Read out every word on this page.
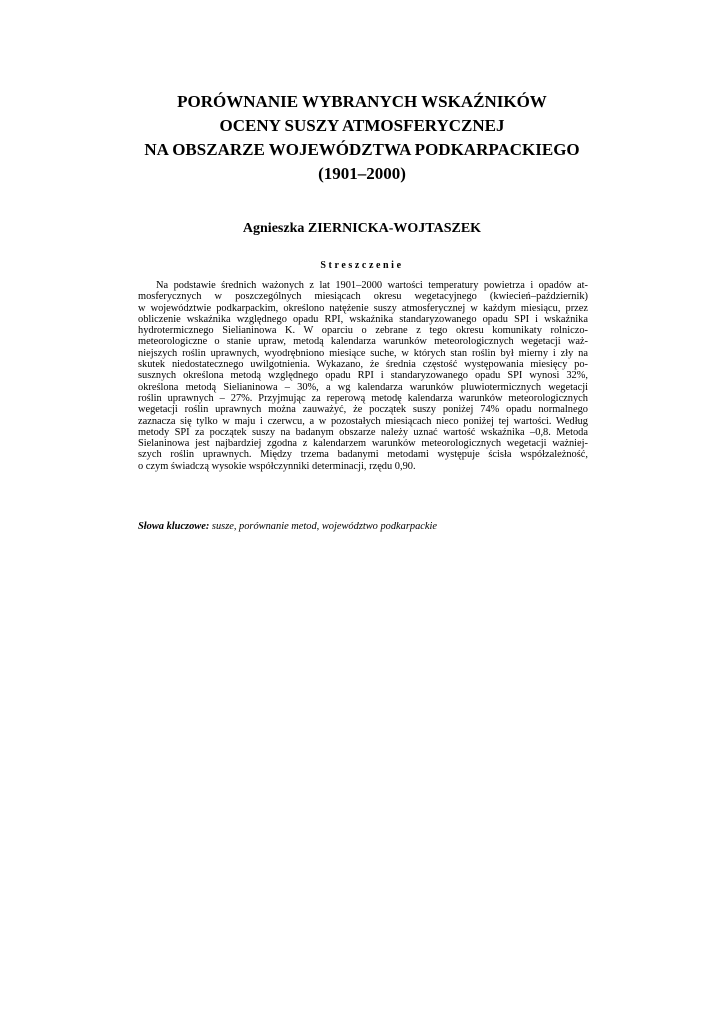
PORÓWNANIE WYBRANYCH WSKAŹNIKÓW

OCENY SUSZY ATMOSFERYCZNEJ

NA OBSZARZE WOJEWÓDZTWA PODKARPACKIEGO

(1901–2000)

Agnieszka ZIERNICKA-WOJTASZEK
Streszczenie
Na podstawie średnich ważonych z lat 1901–2000 wartości temperatury powietrza i opadów at-
mosferycznych w poszczególnych miesiącach okresu wegetacyjnego (kwiecień–październik)
w województwie podkarpackim, określono natężenie suszy atmosferycznej w każdym miesiącu, przez
obliczenie wskaźnika względnego opadu RPI, wskaźnika standaryzowanego opadu SPI i wskaźnika
hydrotermicznego Sielianinowa K. W oparciu o zebrane z tego okresu komunikaty rolniczo-
meteorologiczne o stanie upraw, metodą kalendarza warunków meteorologicznych wegetacji waż-
niejszych roślin uprawnych, wyodrębniono miesiące suche, w których stan roślin był mierny i zły na
skutek niedostatecznego uwilgotnienia. Wykazano, że średnia częstość występowania miesięcy po-
susznych określona metodą względnego opadu RPI i standaryzowanego opadu SPI wynosi 32%,
określona metodą Sielianinowa – 30%, a wg kalendarza warunków pluwiotermicznych wegetacji
roślin uprawnych – 27%. Przyjmując za reperową metodę kalendarza warunków meteorologicznych
wegetacji roślin uprawnych można zauważyć, że początek suszy poniżej 74% opadu normalnego
zaznacza się tylko w maju i czerwcu, a w pozostałych miesiącach nieco poniżej tej wartości. Według
metody SPI za początek suszy na badanym obszarze należy uznać wartość wskaźnika –0,8. Metoda
Sielaninowa jest najbardziej zgodna z kalendarzem warunków meteorologicznych wegetacji ważniej-
szych roślin uprawnych. Między trzema badanymi metodami występuje ścisła współzależność,
o czym świadczą wysokie współczynniki determinacji, rzędu 0,90.
Słowa kluczowe: susze, porównanie metod, województwo podkarpackie
